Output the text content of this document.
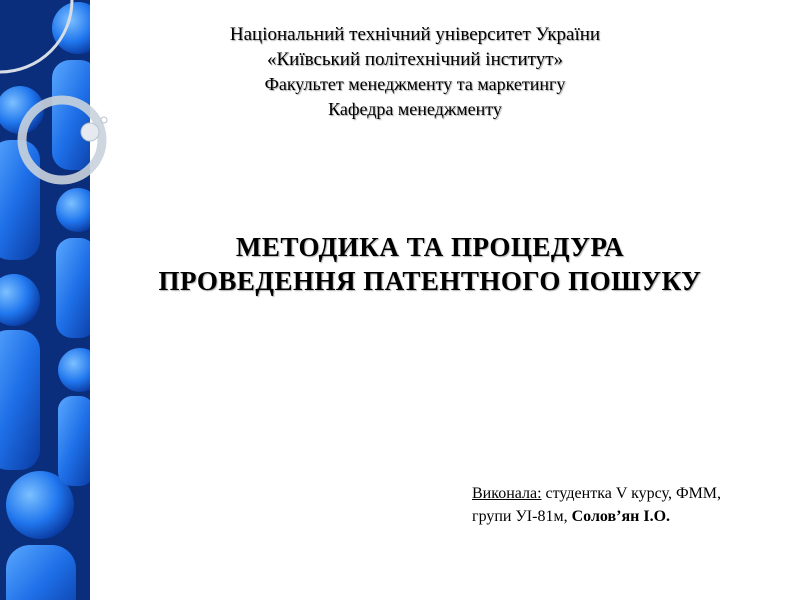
Національний технічний університет України
«Київський політехнічний інститут»
Факультет менеджменту та маркетингу
Кафедра менеджменту
МЕТОДИКА ТА ПРОЦЕДУРА
ПРОВЕДЕННЯ ПАТЕНТНОГО ПОШУКУ
Виконала: студентка V курсу, ФММ,
групи УІ-81м, Солов’ян І.О.
